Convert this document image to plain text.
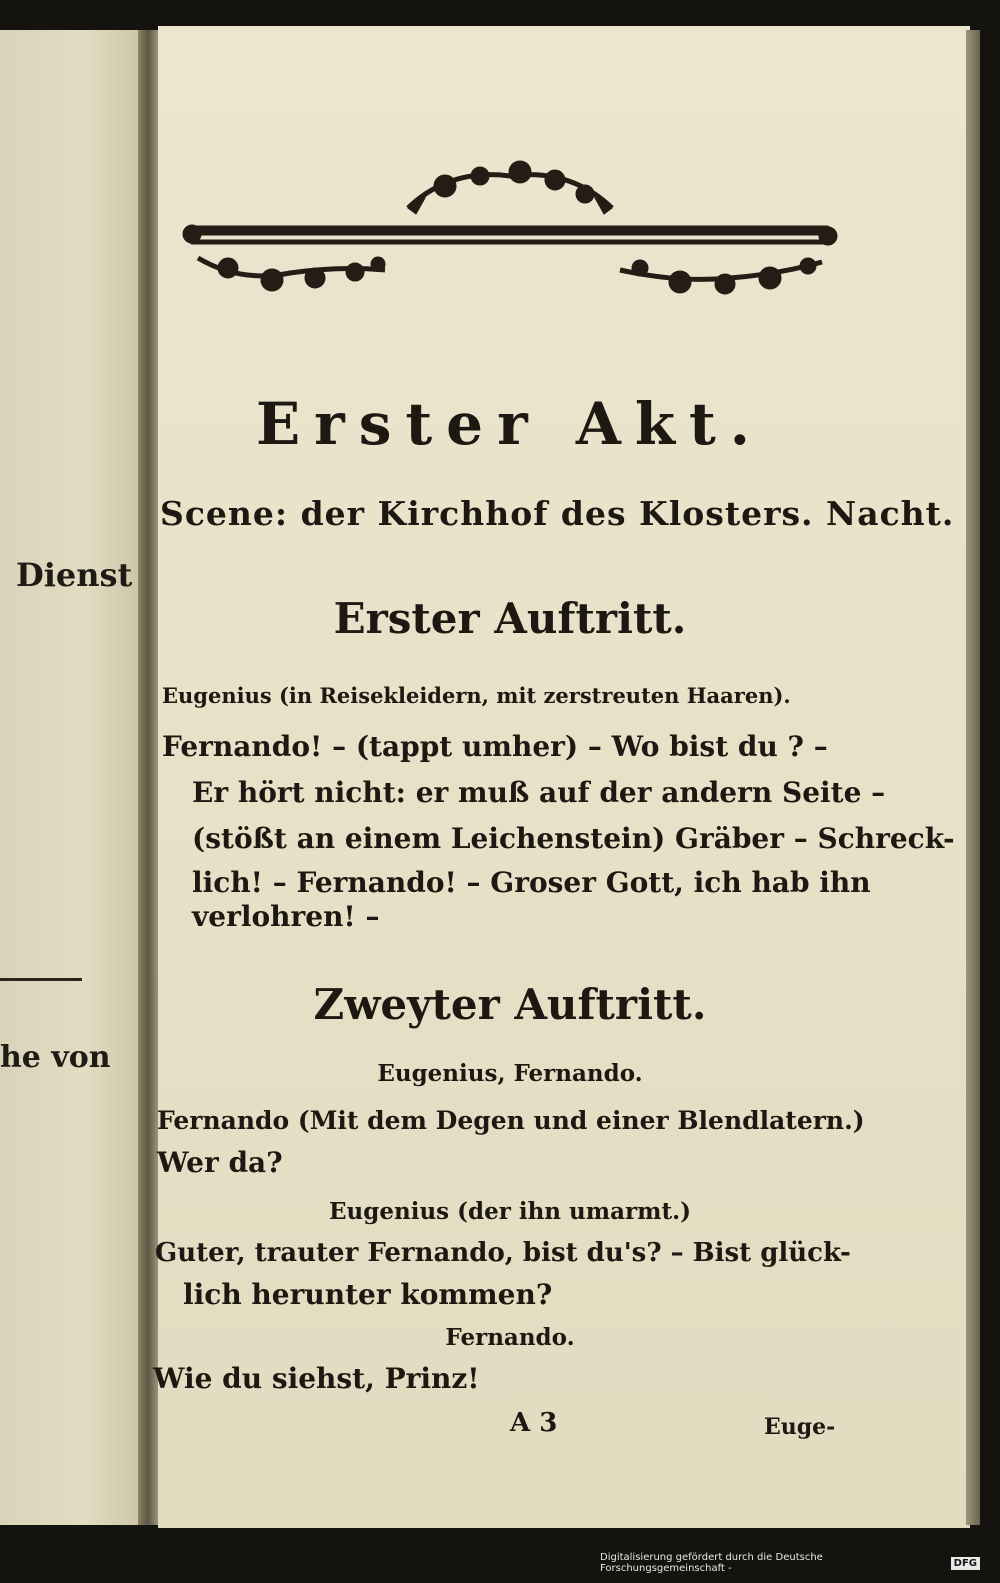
Dienst
he von
Erster Akt.
Scene: der Kirchhof des Klosters. Nacht.
Erster Auftritt.
Eugenius (in Reisekleidern, mit zerstreuten Haaren).
Fernando! – (tappt umher) – Wo bist du ? –
Er hört nicht: er muß auf der andern Seite –
(stößt an einem Leichenstein) Gräber – Schreck-
lich! – Fernando! – Groser Gott, ich hab ihn
verlohren! –
Zweyter Auftritt.
Eugenius, Fernando.
Fernando (Mit dem Degen und einer Blendlatern.)
Wer da?
Eugenius (der ihn umarmt.)
Guter, trauter Fernando, bist du's? – Bist glück-
lich herunter kommen?
Fernando.
Wie du siehst, Prinz!
A 3	Euge-
Digitalisierung gefördert durch die Deutsche Forschungsgemeinschaft -	DFG
